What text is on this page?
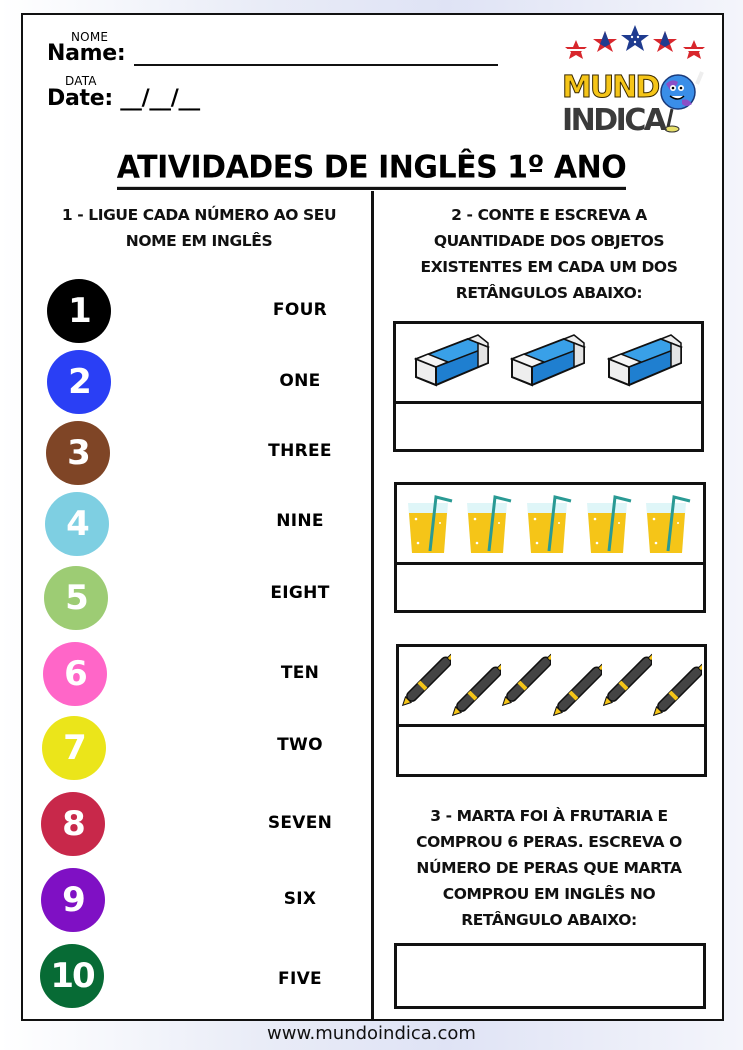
NOME
Name:
DATA
Date: __/__/__	MUND
INDICA
ATIVIDADES DE INGLÊS 1º ANO
1 - LIGUE CADA NÚMERO AO SEU
NOME EM INGLÊS
1
2
3
4
5
6
7
8
9
10
FOUR
ONE
THREE
NINE
EIGHT
TEN
TWO
SEVEN
SIX
FIVE
2 - CONTE E ESCREVA A
QUANTIDADE DOS OBJETOS
EXISTENTES EM CADA UM DOS
RETÂNGULOS ABAIXO:
3 - MARTA FOI À FRUTARIA E
COMPROU 6 PERAS. ESCREVA O
NÚMERO DE PERAS QUE MARTA
COMPROU EM INGLÊS NO
RETÂNGULO ABAIXO:
www.mundoindica.com
